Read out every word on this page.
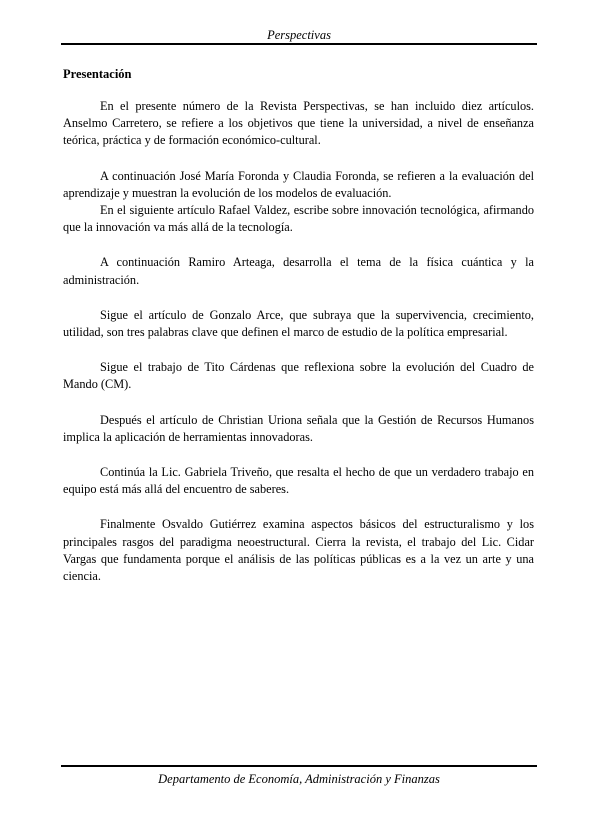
Perspectivas
Presentación

En el presente número de la Revista Perspectivas, se han incluido diez artículos. Anselmo Carretero, se refiere a los objetivos que tiene la universidad, a nivel de enseñanza teórica, práctica y de formación económico-cultural.

A continuación José María Foronda y Claudia Foronda, se refieren a la evaluación del aprendizaje y muestran la evolución de los modelos de evaluación.

En el siguiente artículo Rafael Valdez, escribe sobre innovación tecnológica, afirmando que la innovación va más allá de la tecnología.

A continuación Ramiro Arteaga, desarrolla el tema de la física cuántica y la administración.

Sigue el artículo de Gonzalo Arce, que subraya que la supervivencia, crecimiento, utilidad, son tres palabras clave que definen el marco de estudio de la política empresarial.

Sigue el trabajo de Tito Cárdenas que reflexiona sobre la evolución del Cuadro de Mando (CM).

Después el artículo de Christian Uriona señala que la Gestión de Recursos Humanos implica la aplicación de herramientas innovadoras.

Continúa la Lic. Gabriela Triveño, que resalta el hecho de que un verdadero trabajo en equipo está más allá del encuentro de saberes.

Finalmente Osvaldo Gutiérrez examina aspectos básicos del estructuralismo y los principales rasgos del paradigma neoestructural. Cierra la revista, el trabajo del Lic. Cidar Vargas que fundamenta porque el análisis de las políticas públicas es a la vez un arte y una ciencia.

Departamento de Economía, Administración y Finanzas
